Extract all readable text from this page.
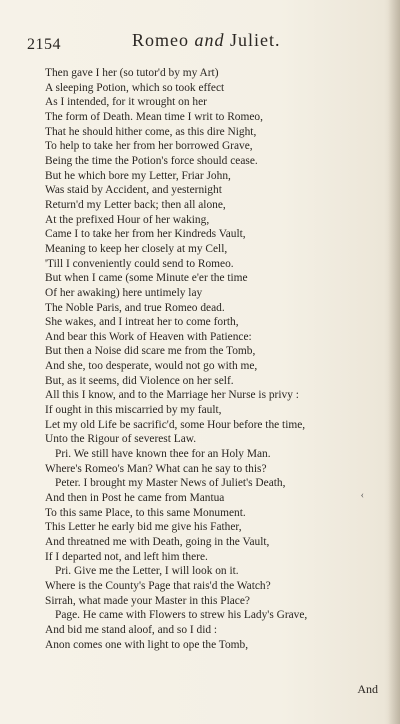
2154	Romeo and Juliet.
Then gave I her (so tutor'd by my Art)
A sleeping Potion, which so took effect
As I intended, for it wrought on her
The form of Death. Mean time I writ to Romeo,
That he should hither come, as this dire Night,
To help to take her from her borrowed Grave,
Being the time the Potion's force should cease.
But he which bore my Letter, Friar John,
Was staid by Accident, and yesternight
Return'd my Letter back; then all alone,
At the prefixed Hour of her waking,
Came I to take her from her Kindreds Vault,
Meaning to keep her closely at my Cell,
'Till I conveniently could send to Romeo.
But when I came (some Minute e'er the time
Of her awaking) here untimely lay
The Noble Paris, and true Romeo dead.
She wakes, and I intreat her to come forth,
And bear this Work of Heaven with Patience:
But then a Noise did scare me from the Tomb,
And she, too desperate, would not go with me,
But, as it seems, did Violence on her self.
All this I know, and to the Marriage her Nurse is privy :
If ought in this miscarried by my fault,
Let my old Life be sacrific'd, some Hour before the time,
Unto the Rigour of severest Law.
Pri. We still have known thee for an Holy Man.
Where's Romeo's Man? What can he say to this?
Peter. I brought my Master News of Juliet's Death,
And then in Post he came from Mantua
To this same Place, to this same Monument.
This Letter he early bid me give his Father,
And threatned me with Death, going in the Vault,
If I departed not, and left him there.
Pri. Give me the Letter, I will look on it.
Where is the County's Page that rais'd the Watch?
Sirrah, what made your Master in this Place?
Page. He came with Flowers to strew his Lady's Grave,
And bid me stand aloof, and so I did :
Anon comes one with light to ope the Tomb,
‹
And
